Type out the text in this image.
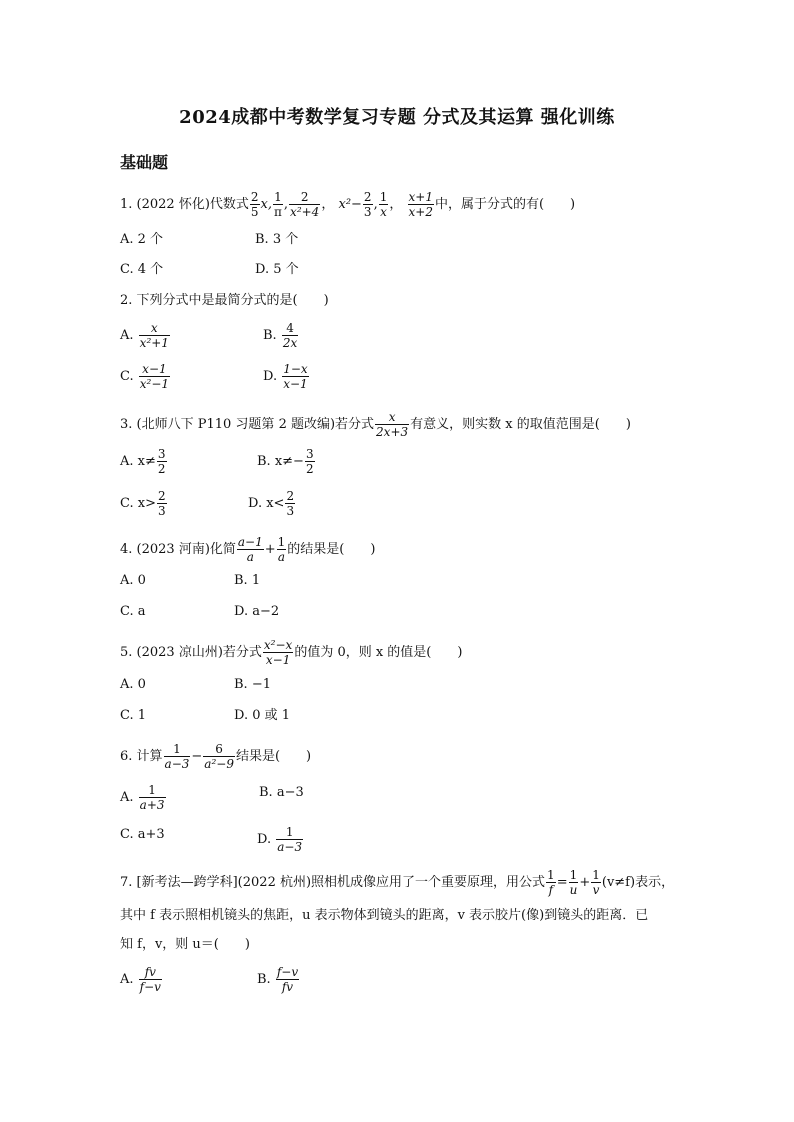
2024成都中考数学复习专题 分式及其运算 强化训练
基础题
1. (2022 怀化)代数式 $\frac{2}{5} x$, $\frac{1}{\pi}$ , $\frac{2}{\text{x²+4}}$ ， $x^2- \frac{2}{3}$ , $\frac{1}{x}$ ， $\frac{x+1}{x+2}$ 中，属于分式的有( )
A. 2 个	B. 3 个
C. 4 个	D. 5 个
2. 下列分式中是最简分式的是( )
A. $\frac{x}{\text{x²+1}}$	B. $\frac{4}{2x}$
C. $\frac{x-1}{\text{x²−1}}$	D. $\frac{1-x}{x-1}$
3. (北师八下 P110 习题第 2 题改编)若分式 $\frac{x}{2x+3}$ 有意义，则实数 x 的取值范围是( )
A. $x\ne \frac{3}{2}$	B. $x\ne- \frac{3}{2}$
C. $x> \frac{2}{3}$	D. $x< \frac{2}{3}$
4. (2023 河南)化简 $\frac{a-1}{a} + \frac{1}{a}$ 的结果是( )
A. 0	B. 1
C. a	D. a−2
5. (2023 凉山州)若分式 $\frac{\text{x²−x}}{x-1}$ 的值为 0，则 x 的值是( )
A. 0	B. −1
C. 1	D. 0 或 1
6. 计算 $\frac{1}{a-3} - \frac{6}{\text{a²−9}}$ 结果是( )
A. $\frac{1}{a+3}$	B. a−3
C. a+3	D. $\frac{1}{a-3}$
7. [新考法—跨学科](2022 杭州)照相机成像应用了一个重要原理，用公式 $\frac{1}{f} = \frac{1}{u} + \frac{1}{v} (v\ne f)$表示，
其中 f 表示照相机镜头的焦距，u 表示物体到镜头的距离，v 表示胶片(像)到镜头的距离．已
知 f，v，则 u＝( )
A. $\frac{fv}{f-v}$	B. $\frac{f-v}{fv}$
